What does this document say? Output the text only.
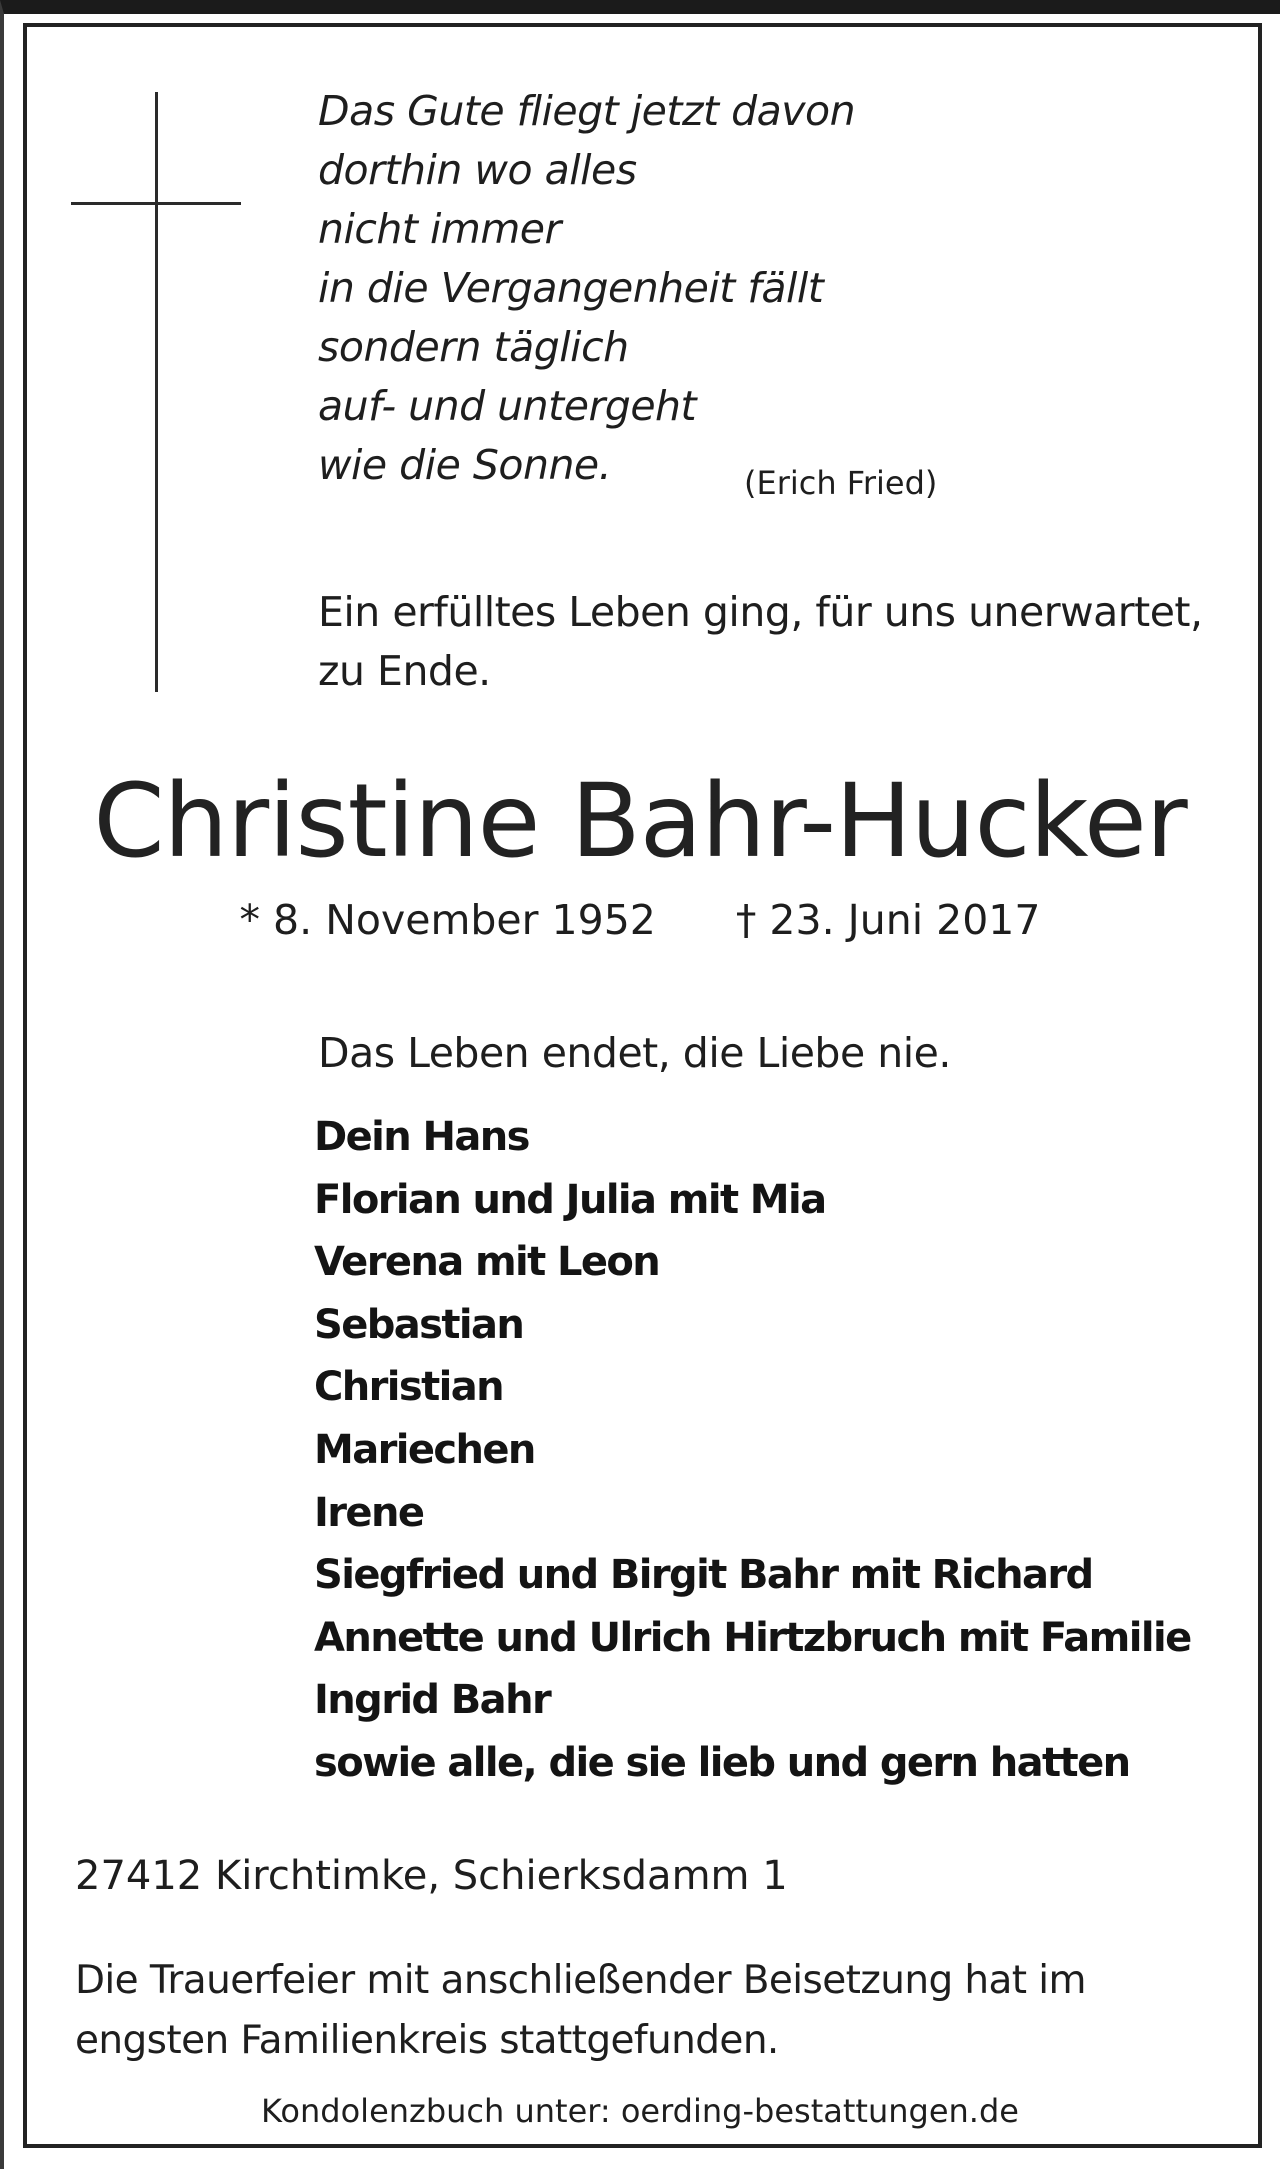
Das Gute fliegt jetzt davon
dorthin wo alles
nicht immer
in die Vergangenheit fällt
sondern täglich
auf- und untergeht
wie die Sonne.	(Erich Fried)
Ein erfülltes Leben ging, für uns unerwartet,
zu Ende.
Christine Bahr-Hucker
* 8. November 1952 † 23. Juni 2017
Das Leben endet, die Liebe nie.
Dein Hans
Florian und Julia mit Mia
Verena mit Leon
Sebastian
Christian
Mariechen
Irene
Siegfried und Birgit Bahr mit Richard
Annette und Ulrich Hirtzbruch mit Familie
Ingrid Bahr
sowie alle, die sie lieb und gern hatten
27412 Kirchtimke, Schierksdamm 1
Die Trauerfeier mit anschließender Beisetzung hat im
engsten Familienkreis stattgefunden.
Kondolenzbuch unter: oerding-bestattungen.de
